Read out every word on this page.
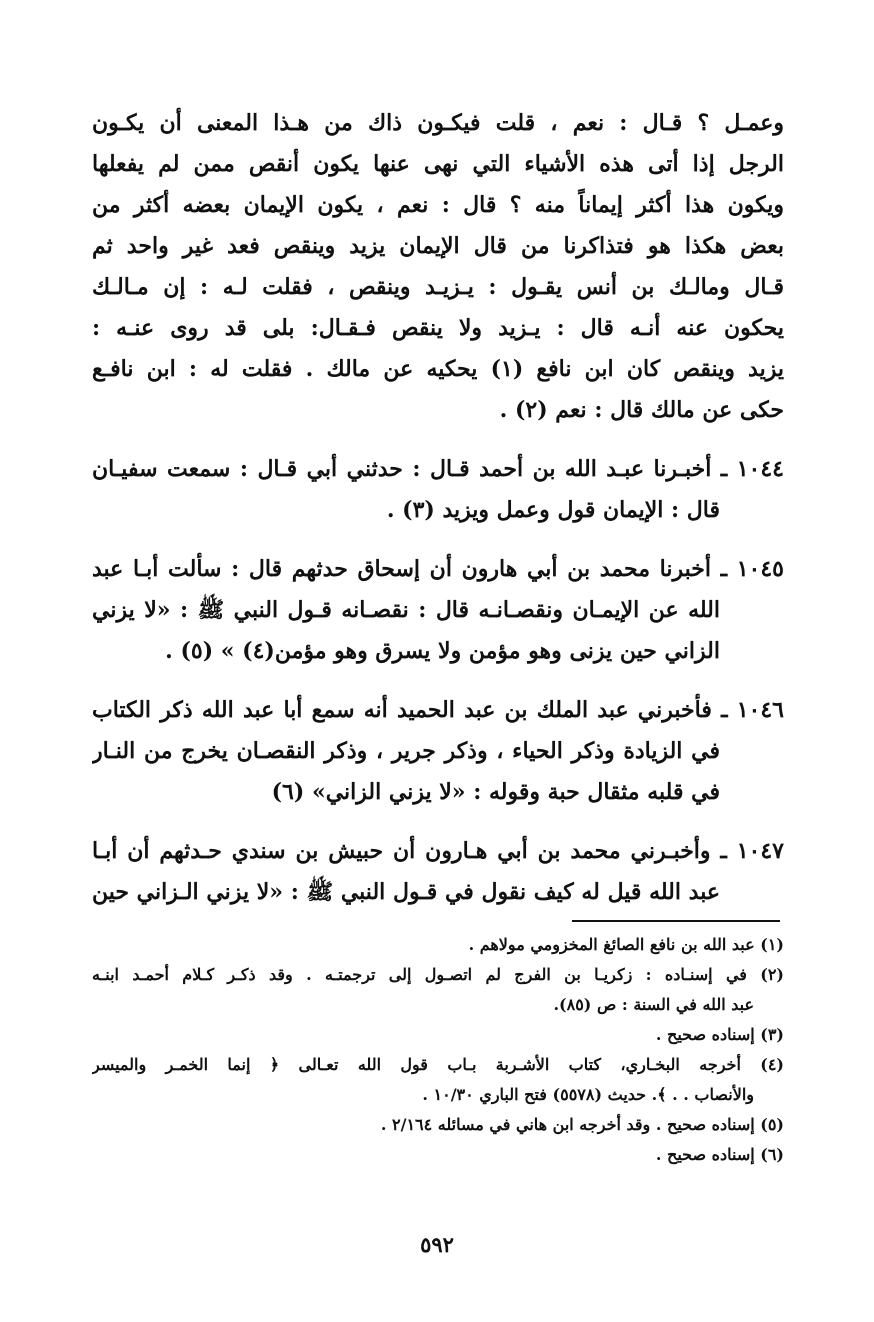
وعمـل ؟ قـال : نعم ، قلت فيكـون ذاك من هـذا المعنى أن يكـون
الرجل إذا أتى هذه الأشياء التي نهى عنها يكون أنقص ممن لم يفعلها
ويكون هذا أكثر إيماناً منه ؟ قال : نعم ، يكون الإيمان بعضه أكثر من
بعض هكذا هو فتذاكرنا من قال الإيمان يزيد وينقص فعد غير واحد ثم
قـال ومالـك بن أنس يقـول : يـزيـد وينقص ، فقلت لـه : إن مـالـك
يحكون عنه أنـه قال : يـزيد ولا ينقص فـقـال: بلى قد روى عنـه :
يزيد وينقص كان ابن نافع (١) يحكيه عن مالك . فقلت له : ابن نافـع
حكى عن مالك قال : نعم (٢) .
١٠٤٤ ـ أخبـرنا عبـد الله بن أحمد قـال : حدثني أبي قـال : سمعت سفيـان
قال : الإيمان قول وعمل ويزيد (٣) .
١٠٤٥ ـ أخبرنا محمد بن أبي هارون أن إسحاق حدثهم قال : سألت أبـا عبد
الله عن الإيمـان ونقصـانـه قال : نقصـانه قـول النبي ﷺ : «لا يزني
الزاني حين يزنى وهو مؤمن ولا يسرق وهو مؤمن(٤) » (٥) .
١٠٤٦ ـ فأخبرني عبد الملك بن عبد الحميد أنه سمع أبا عبد الله ذكر الكتاب
في الزيادة وذكر الحياء ، وذكر جرير ، وذكر النقصـان يخرج من النـار
في قلبه مثقال حبة وقوله : «لا يزني الزاني» (٦)
١٠٤٧ ـ وأخبـرني محمد بن أبي هـارون أن حبيش بن سندي حـدثهم أن أبـا
عبد الله قيل له كيف نقول في قـول النبي ﷺ : «لا يزني الـزاني حين
(١) عبد الله بن نافع الصائغ المخزومي مولاهم .
(٢) في إسنـاده : زكريـا بن الفرج لم اتصـول إلى ترجمتـه . وقد ذكـر كـلام أحمـد ابنـه
عبد الله في السنة : ص (٨٥).
(٣) إسناده صحيح .
(٤) أخرجه البخـاري، كتاب الأشـربة بـاب قول الله تعـالى ﴿ إنما الخمـر والميسر
والأنصاب . . ﴾. حديث (٥٥٧٨) فتح الباري ١٠/٣٠ .
(٥) إسناده صحيح . وقد أخرجه ابن هاني في مسائله ٢/١٦٤ .
(٦) إسناده صحيح .
٥٩٢
